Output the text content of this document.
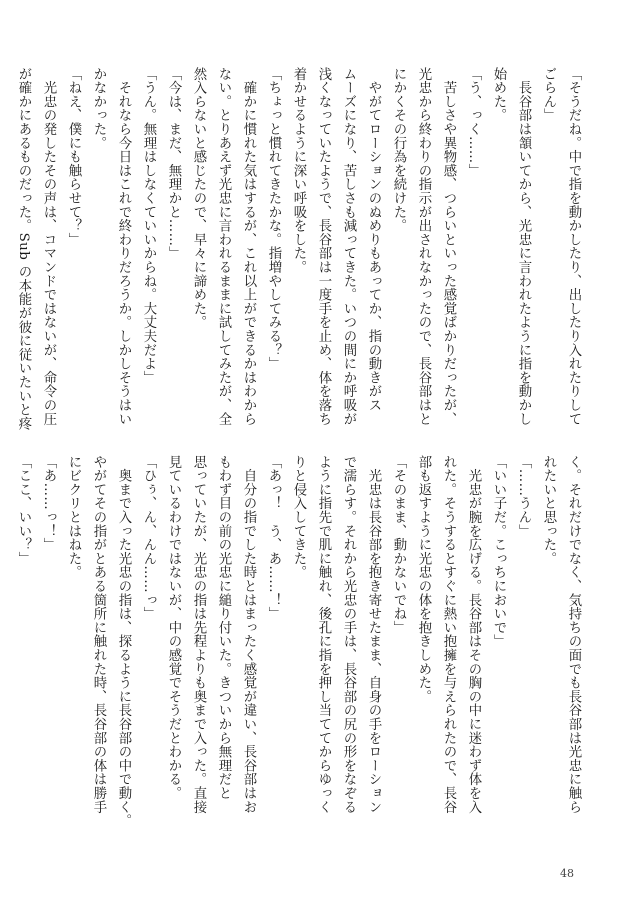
「そうだね。中で指を動かしたり、出したり入れたりして
ごらん」
　長谷部は頷いてから、光忠に言われたように指を動かし
始めた。
「う、っく……」
　苦しさや異物感、つらいといった感覚ばかりだったが、
光忠から終わりの指示が出されなかったので、長谷部はと
にかくその行為を続けた。
　やがてローションのぬめりもあってか、指の動きがス
ムーズになり、苦しさも減ってきた。いつの間にか呼吸が
浅くなっていたようで、長谷部は一度手を止め、体を落ち
着かせるように深い呼吸をした。
「ちょっと慣れてきたかな。指増やしてみる？」
　確かに慣れた気はするが、これ以上ができるかはわから
ない。とりあえず光忠に言われるままに試してみたが、全
然入らないと感じたので、早々に諦めた。
「今は、まだ、無理かと……」
「うん。無理はしなくていいからね。大丈夫だよ」
　それなら今日はこれで終わりだろうか。しかしそうはい
かなかった。
「ねえ、僕にも触らせて？」
　光忠の発したその声は、コマンドではないが、命令の圧
が確かにあるものだった。Sub の本能が彼に従いたいと疼
く。それだけでなく、気持ちの面でも長谷部は光忠に触ら
れたいと思った。
「……うん」
「いい子だ。こっちにおいで」
　光忠が腕を広げる。長谷部はその胸の中に迷わず体を入
れた。そうするとすぐに熱い抱擁を与えられたので、長谷
部も返すように光忠の体を抱きしめた。
「そのまま、動かないでね」
　光忠は長谷部を抱き寄せたまま、自身の手をローション
で濡らす。それから光忠の手は、長谷部の尻の形をなぞる
ように指先で肌に触れ、後孔に指を押し当ててからゆっく
りと侵入してきた。
「あっ！　う、あ……！」
　自分の指でした時とはまったく感覚が違い、長谷部はお
もわず目の前の光忠に縋り付いた。きついから無理だと
思っていたが、光忠の指は先程よりも奥まで入った。直接
見ているわけではないが、中の感覚でそうだとわかる。
「ひぅ、ん、んん……っ」
　奥まで入った光忠の指は、探るように長谷部の中で動く。
やがてその指がとある箇所に触れた時、長谷部の体は勝手
にビクリとはねた。
「あ……っ！」
「ここ、いい？」
48
